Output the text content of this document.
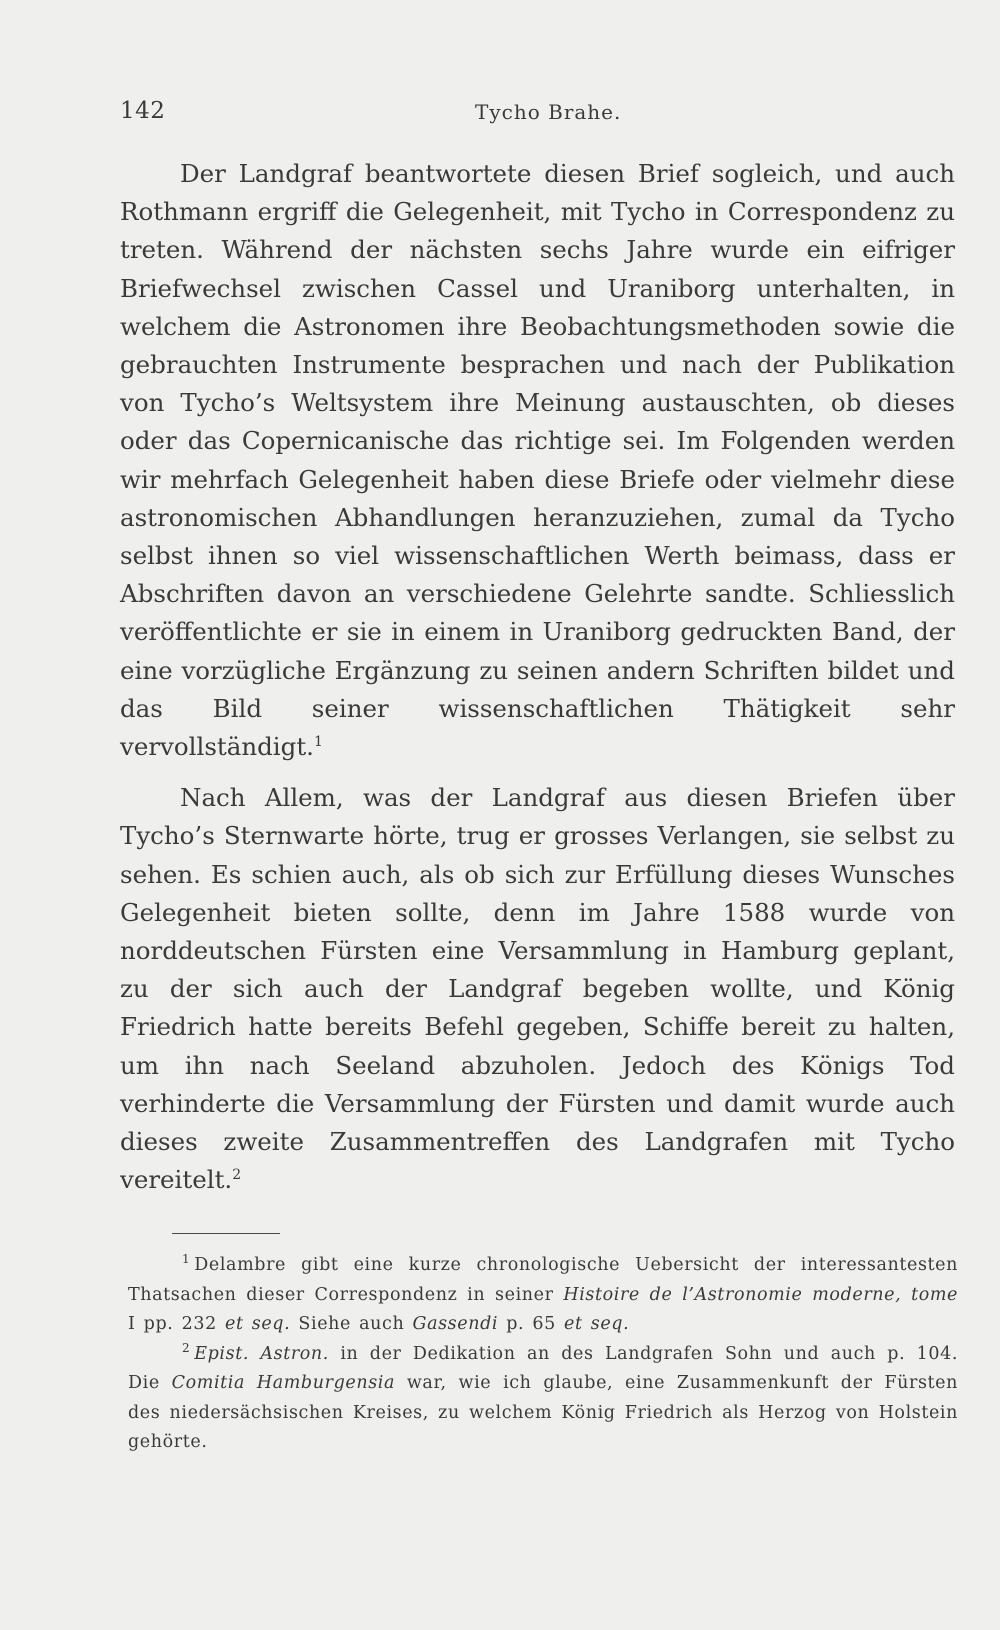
142	Tycho Brahe.

Der Landgraf beantwortete diesen Brief sogleich, und auch Rothmann ergriff die Gelegenheit, mit Tycho in Correspondenz zu treten. Während der nächsten sechs Jahre wurde ein eifriger Briefwechsel zwischen Cassel und Uraniborg unterhalten, in welchem die Astronomen ihre Beobachtungsmethoden sowie die gebrauchten Instrumente besprachen und nach der Publikation von Tycho’s Weltsystem ihre Meinung austauschten, ob dieses oder das Copernicanische das richtige sei. Im Folgenden werden wir mehrfach Gelegenheit haben diese Briefe oder vielmehr diese astronomischen Abhandlungen heranzuziehen, zumal da Tycho selbst ihnen so viel wissenschaftlichen Werth beimass, dass er Abschriften davon an verschiedene Gelehrte sandte. Schliesslich veröffentlichte er sie in einem in Uraniborg gedruckten Band, der eine vorzügliche Ergänzung zu seinen andern Schriften bildet und das Bild seiner wissenschaftlichen Thätigkeit sehr vervollständigt.$^1$

Nach Allem, was der Landgraf aus diesen Briefen über Tycho’s Sternwarte hörte, trug er grosses Verlangen, sie selbst zu sehen. Es schien auch, als ob sich zur Erfüllung dieses Wunsches Gelegenheit bieten sollte, denn im Jahre 1588 wurde von norddeutschen Fürsten eine Versammlung in Hamburg geplant, zu der sich auch der Landgraf begeben wollte, und König Friedrich hatte bereits Befehl gegeben, Schiffe bereit zu halten, um ihn nach Seeland abzuholen. Jedoch des Königs Tod verhinderte die Versammlung der Fürsten und damit wurde auch dieses zweite Zusammentreffen des Landgrafen mit Tycho vereitelt.$^2$

$^1$ Delambre gibt eine kurze chronologische Uebersicht der interessantesten Thatsachen dieser Correspondenz in seiner Histoire de l’Astronomie moderne, tome I pp. 232 et seq. Siehe auch Gassendi p. 65 et seq.

$^2$ Epist. Astron. in der Dedikation an des Landgrafen Sohn und auch p. 104. Die Comitia Hamburgensia war, wie ich glaube, eine Zusammenkunft der Fürsten des niedersächsischen Kreises, zu welchem König Friedrich als Herzog von Holstein gehörte.
